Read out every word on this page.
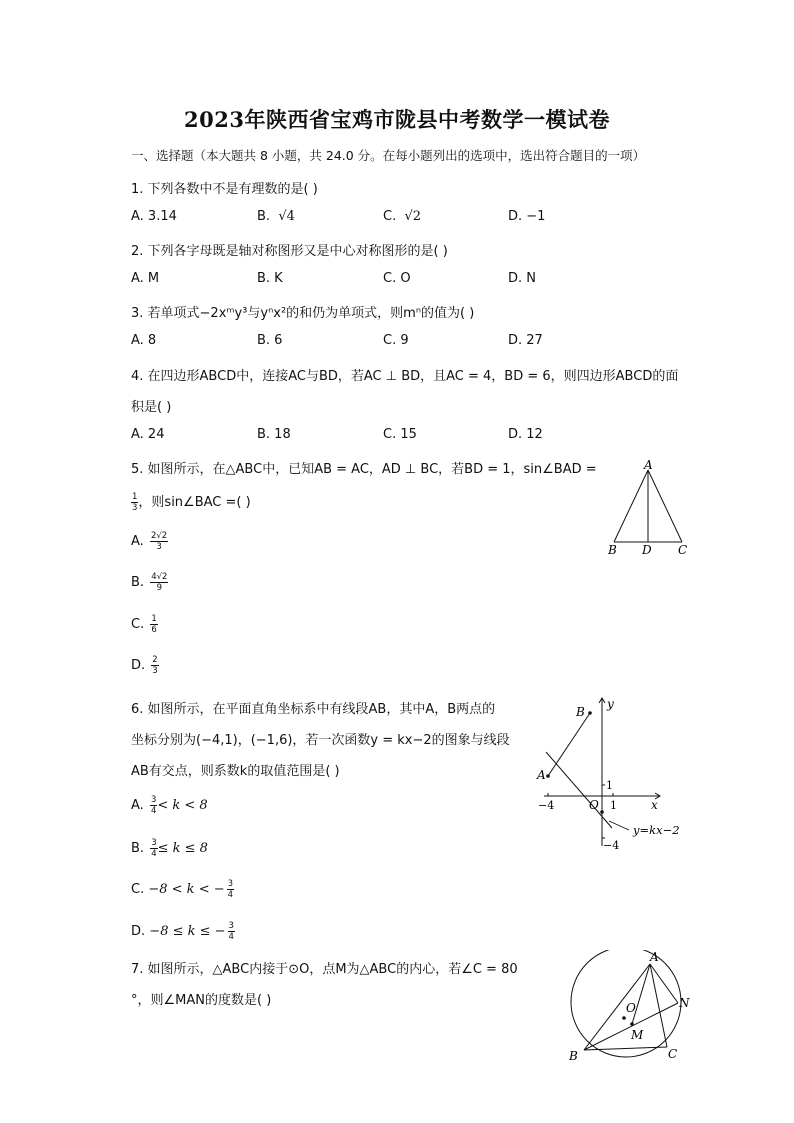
2023年陕西省宝鸡市陇县中考数学一模试卷
一、选择题（本大题共 8 小题，共 24.0 分。在每小题列出的选项中，选出符合题目的一项）
1. 下列各数中不是有理数的是( )
A. 3.14	B. √4	C. √2	D. −1
2. 下列各字母既是轴对称图形又是中心对称图形的是( )
A. M	B. K	C. O	D. N
3. 若单项式−2xᵐy³与yⁿx²的和仍为单项式，则mⁿ的值为( )
A. 8	B. 6	C. 9	D. 27
4. 在四边形ABCD中，连接AC与BD，若AC ⊥ BD，且AC = 4，BD = 6，则四边形ABCD的面
积是( )
A. 24	B. 18	C. 15	D. 12
5. 如图所示，在△ABC中，已知AB = AC，AD ⊥ BC，若BD = 1，sin∠BAD =
$\frac{1}{3}$ ，则sin∠BAC =( )
A. $\frac{2√2}{3}$
B. $\frac{4√2}{9}$
C. $\frac{1}{6}$
D. $\frac{2}{3}$
A
B D C
6. 如图所示，在平面直角坐标系中有线段AB，其中A，B两点的
坐标分别为(−4,1)，(−1,6)，若一次函数y = kx−2的图象与线段
AB有交点，则系数k的取值范围是( )
A. $\frac{3}{4} < k < 8$
B. $\frac{3}{4} \le k \le 8$
C. −8 < k < − $\frac{3}{4}$
D. −8 ≤ k ≤ − $\frac{3}{4}$
y
x
B
A
−4	O 1
1
−4
y=kx−2
7. 如图所示，△ABC内接于⊙O，点M为△ABC的内心，若∠C = 80
°，则∠MAN的度数是( )
A
N
O
M
B	C
